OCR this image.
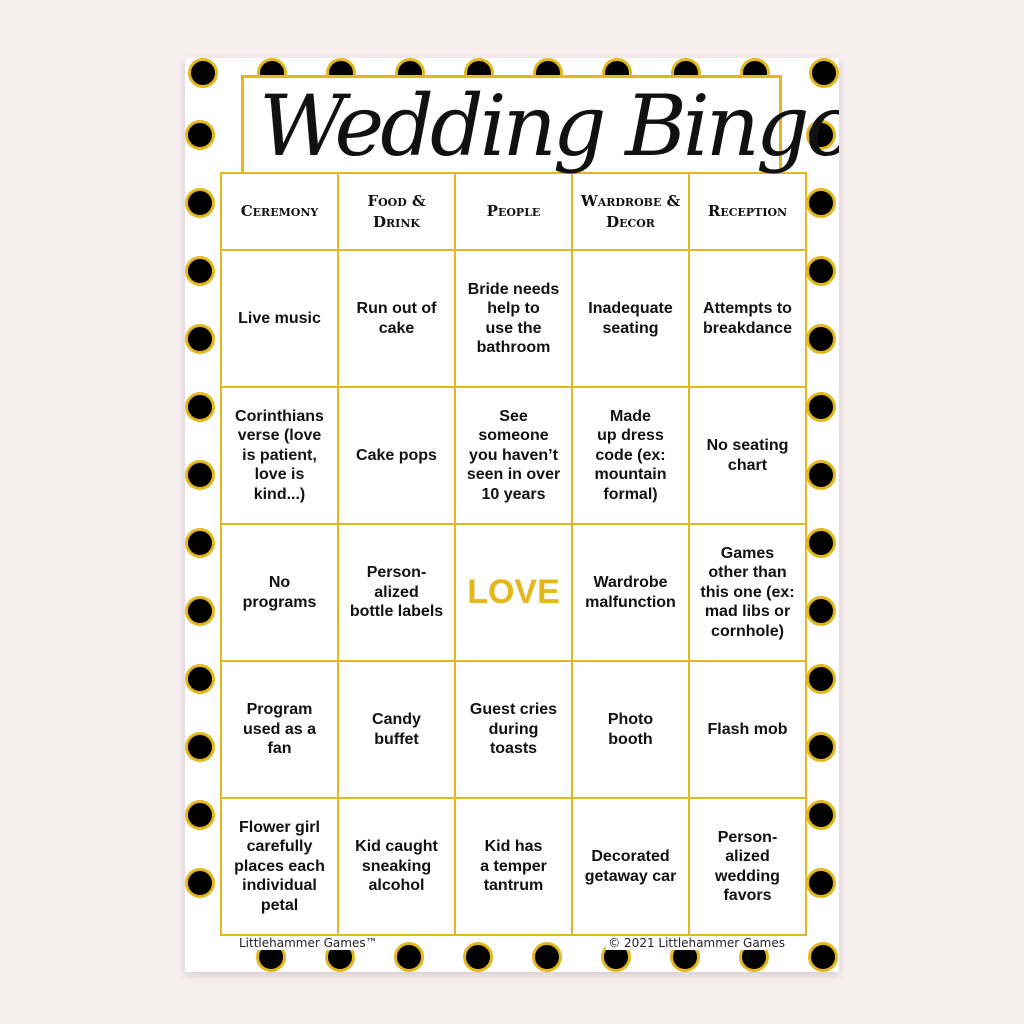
Ceremony
Food & Drink
People
Wardrobe & Decor
Reception
Live music
Run out of
cake
Bride needs
help to
use the
bathroom
Inadequate
seating
Attempts to
breakdance
Corinthians
verse (love
is patient,
love is
kind...)
Cake pops
See
someone
you haven’t
seen in over
10 years
Made
up dress
code (ex:
mountain
formal)
No seating
chart
No
programs
Person-
alized
bottle labels
LOVE	Wardrobe
malfunction
Games
other than
this one (ex:
mad libs or
cornhole)
Program
used as a
fan
Candy
buffet
Guest cries
during
toasts
Photo
booth
Flash mob
Flower girl
carefully
places each
individual
petal
Kid caught
sneaking
alcohol
Kid has
a temper
tantrum
Decorated
getaway car
Person-
alized
wedding
favors
Wedding Bingo
Littlehammer Games™	© 2021 Littlehammer Games
